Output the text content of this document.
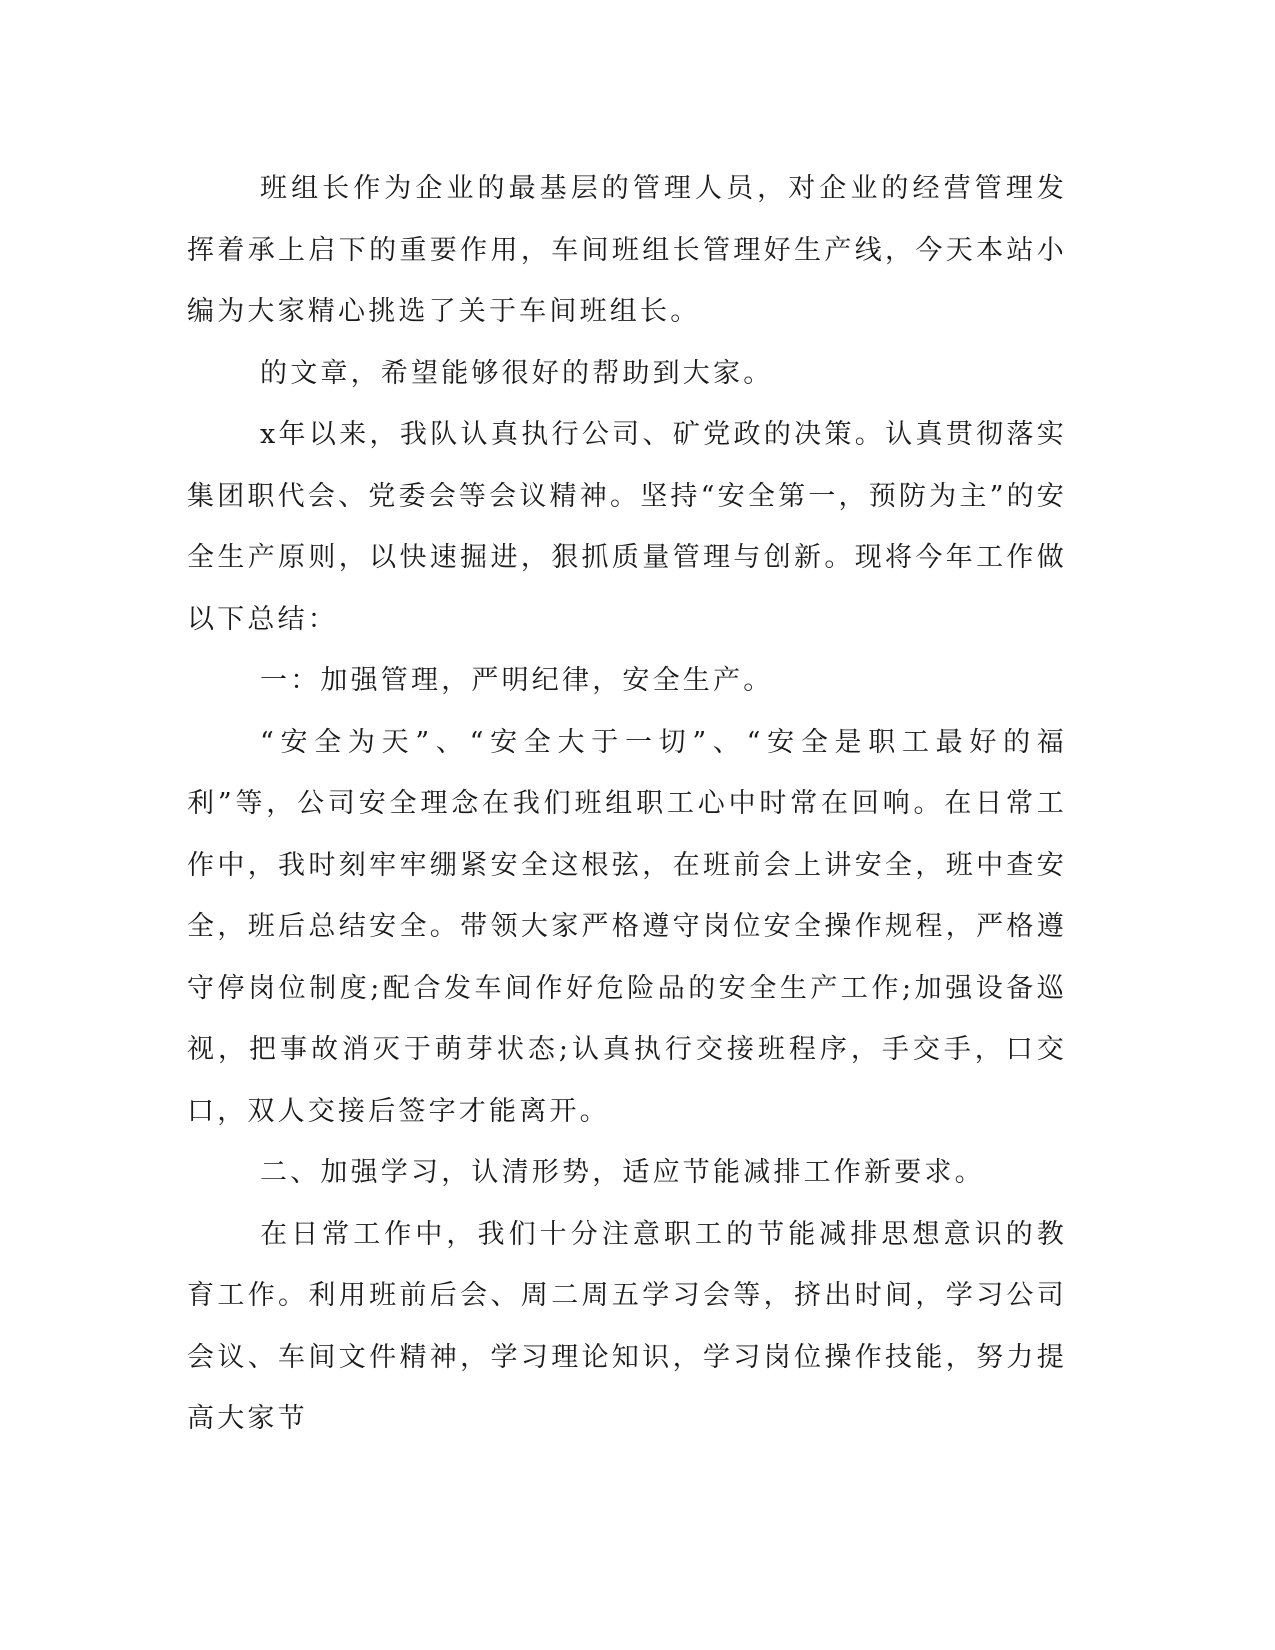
班组长作为企业的最基层的管理人员，对企业的经营管理发挥着承上启下的重要作用，车间班组长管理好生产线，今天本站小编为大家精心挑选了关于车间班组长。

的文章，希望能够很好的帮助到大家。

x年以来，我队认真执行公司、矿党政的决策。认真贯彻落实集团职代会、党委会等会议精神。坚持“安全第一，预防为主”的安全生产原则，以快速掘进，狠抓质量管理与创新。现将今年工作做以下总结：

一：加强管理，严明纪律，安全生产。

“安全为天”、“安全大于一切”、“安全是职工最好的福利”等，公司安全理念在我们班组职工心中时常在回响。在日常工作中，我时刻牢牢绷紧安全这根弦，在班前会上讲安全，班中查安全，班后总结安全。带领大家严格遵守岗位安全操作规程，严格遵守停岗位制度;配合发车间作好危险品的安全生产工作;加强设备巡视，把事故消灭于萌芽状态;认真执行交接班程序，手交手，口交口，双人交接后签字才能离开。

二、加强学习，认清形势，适应节能减排工作新要求。

在日常工作中，我们十分注意职工的节能减排思想意识的教育工作。利用班前后会、周二周五学习会等，挤出时间，学习公司会议、车间文件精神，学习理论知识，学习岗位操作技能，努力提高大家节
